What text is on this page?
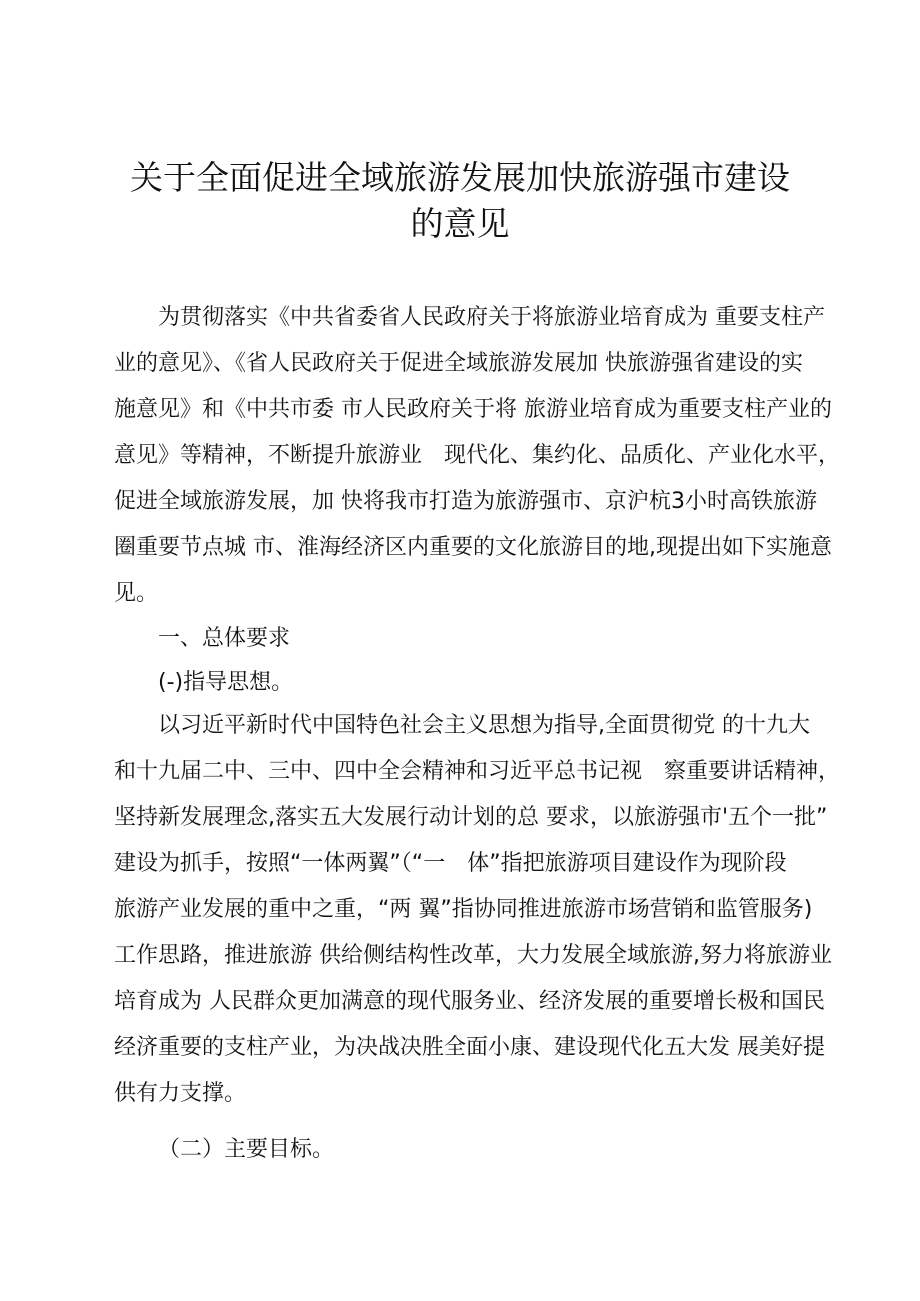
关于全面促进全域旅游发展加快旅游强市建设
的意见
为贯彻落实《中共省委省人民政府关于将旅游业培育成为 重要支柱产
业的意见》、《省人民政府关于促进全域旅游发展加 快旅游强省建设的实
施意见》和《中共市委 市人民政府关于将 旅游业培育成为重要支柱产业的
意见》等精神，不断提升旅游业　现代化、集约化、品质化、产业化水平，
促进全域旅游发展，加 快将我市打造为旅游强市、京沪杭3小时高铁旅游
圈重要节点城 市、淮海经济区内重要的文化旅游目的地,现提出如下实施意
见。
一、总体要求
(-)指导思想。
以习近平新时代中国特色社会主义思想为指导,全面贯彻党 的十九大
和十九届二中、三中、四中全会精神和习近平总书记视　察重要讲话精神，
坚持新发展理念,落实五大发展行动计划的总 要求，以旅游强市'五个一批”
建设为抓手，按照“一体两翼”（“一　体”指把旅游项目建设作为现阶段
旅游产业发展的重中之重，“两 翼”指协同推进旅游市场营销和监管服务)
工作思路，推进旅游 供给侧结构性改革，大力发展全域旅游,努力将旅游业
培育成为 人民群众更加满意的现代服务业、经济发展的重要增长极和国民
经济重要的支柱产业，为决战决胜全面小康、建设现代化五大发 展美好提
供有力支撑。
（二）主要目标。
